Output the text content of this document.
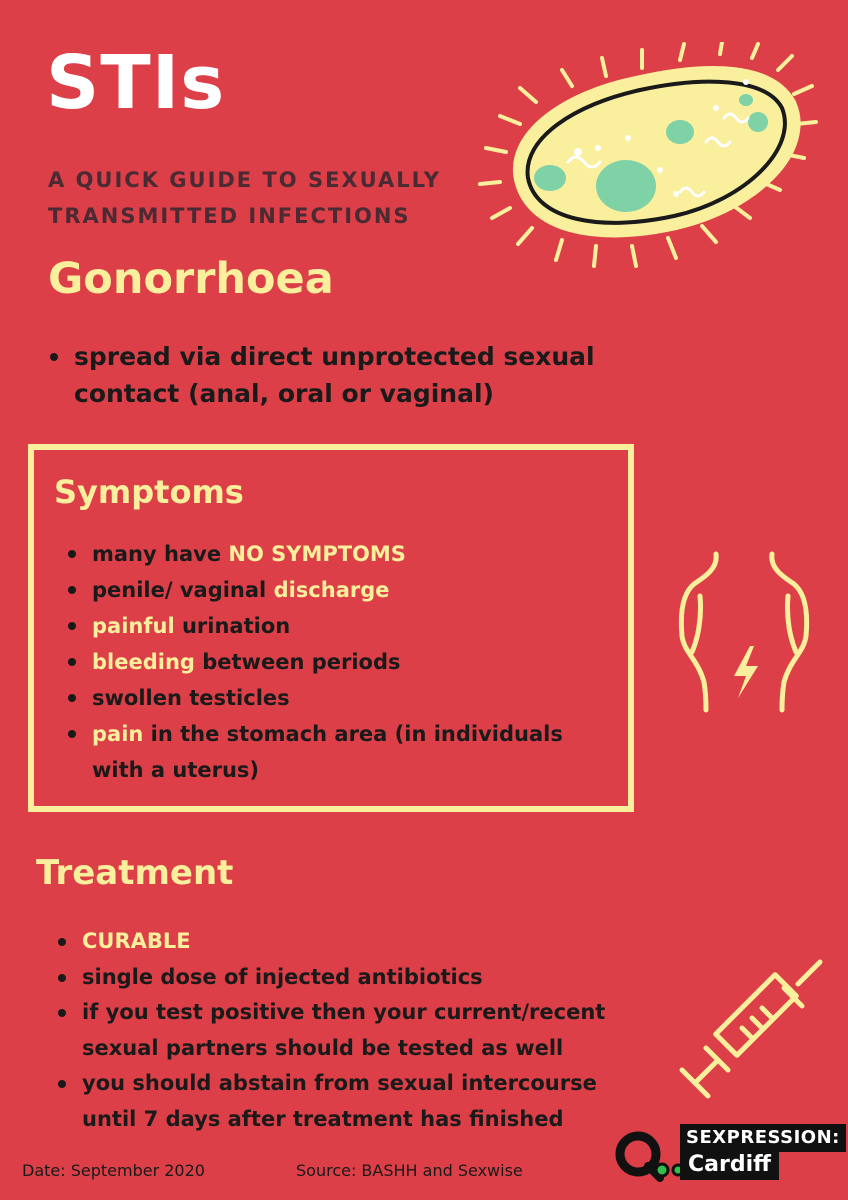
STIs
A QUICK GUIDE TO SEXUALLY
TRANSMITTED INFECTIONS
Gonorrhoea
spread via direct unprotected sexual contact (anal, oral or vaginal)
Symptoms
many have NO SYMPTOMS
penile/ vaginal discharge
painful urination
bleeding between periods
swollen testicles
pain in the stomach area (in individuals with a uterus)
Treatment
CURABLE
single dose of injected antibiotics
if you test positive then your current/recent sexual partners should be tested as well
you should abstain from sexual intercourse until 7 days after treatment has finished
Date: September 2020	Source: BASHH and Sexwise
SEXPRESSION:
Cardiff
